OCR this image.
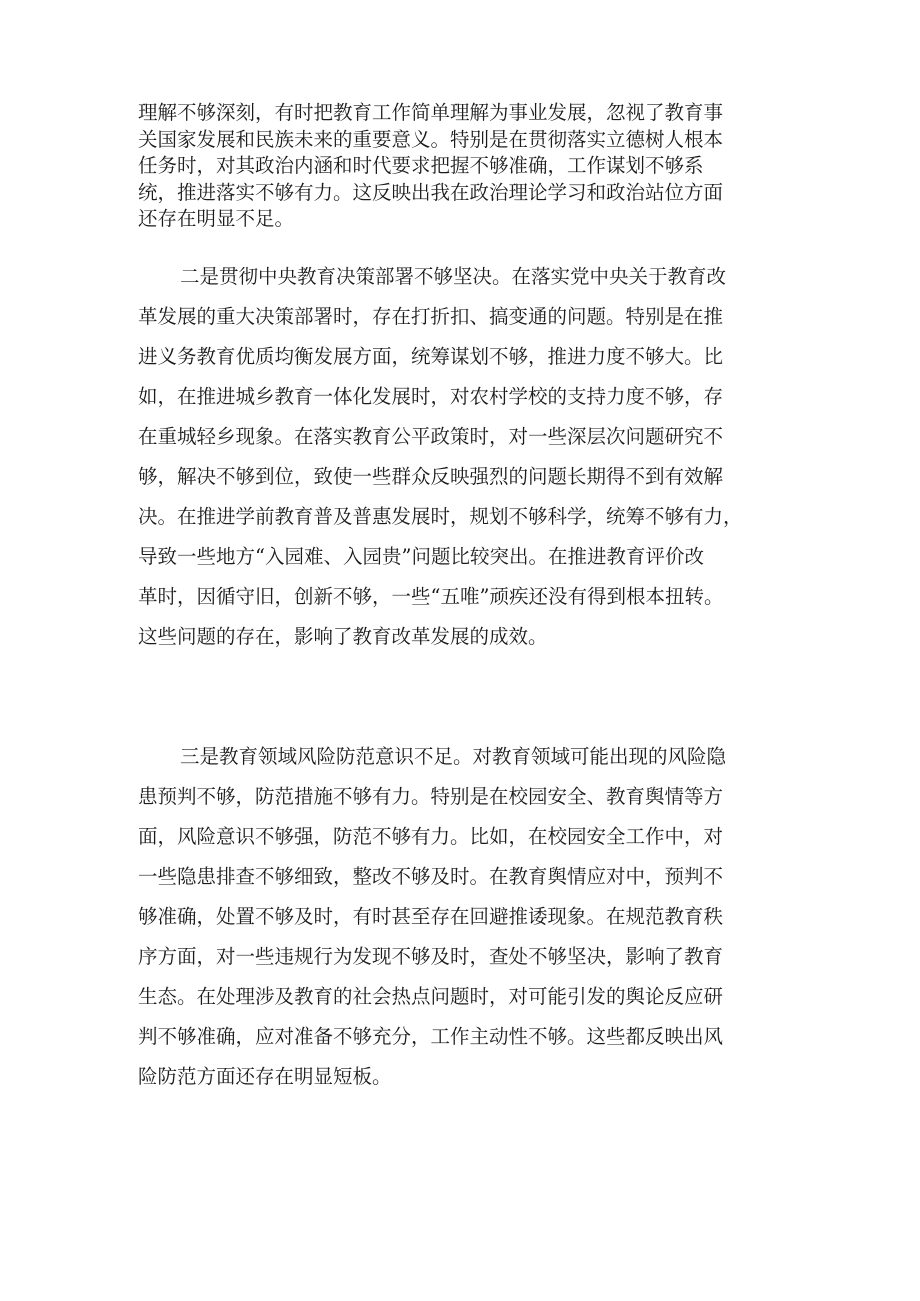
理解不够深刻，有时把教育工作简单理解为事业发展，忽视了教育事
关国家发展和民族未来的重要意义。特别是在贯彻落实立德树人根本
任务时，对其政治内涵和时代要求把握不够准确，工作谋划不够系
统，推进落实不够有力。这反映出我在政治理论学习和政治站位方面
还存在明显不足。
二是贯彻中央教育决策部署不够坚决。在落实党中央关于教育改
革发展的重大决策部署时，存在打折扣、搞变通的问题。特别是在推
进义务教育优质均衡发展方面，统筹谋划不够，推进力度不够大。比
如，在推进城乡教育一体化发展时，对农村学校的支持力度不够，存
在重城轻乡现象。在落实教育公平政策时，对一些深层次问题研究不
够，解决不够到位，致使一些群众反映强烈的问题长期得不到有效解
决。在推进学前教育普及普惠发展时，规划不够科学，统筹不够有力，
导致一些地方“入园难、入园贵”问题比较突出。在推进教育评价改
革时，因循守旧，创新不够，一些“五唯”顽疾还没有得到根本扭转。
这些问题的存在，影响了教育改革发展的成效。
三是教育领域风险防范意识不足。对教育领域可能出现的风险隐
患预判不够，防范措施不够有力。特别是在校园安全、教育舆情等方
面，风险意识不够强，防范不够有力。比如，在校园安全工作中，对
一些隐患排查不够细致，整改不够及时。在教育舆情应对中，预判不
够准确，处置不够及时，有时甚至存在回避推诿现象。在规范教育秩
序方面，对一些违规行为发现不够及时，查处不够坚决，影响了教育
生态。在处理涉及教育的社会热点问题时，对可能引发的舆论反应研
判不够准确，应对准备不够充分，工作主动性不够。这些都反映出风
险防范方面还存在明显短板。
